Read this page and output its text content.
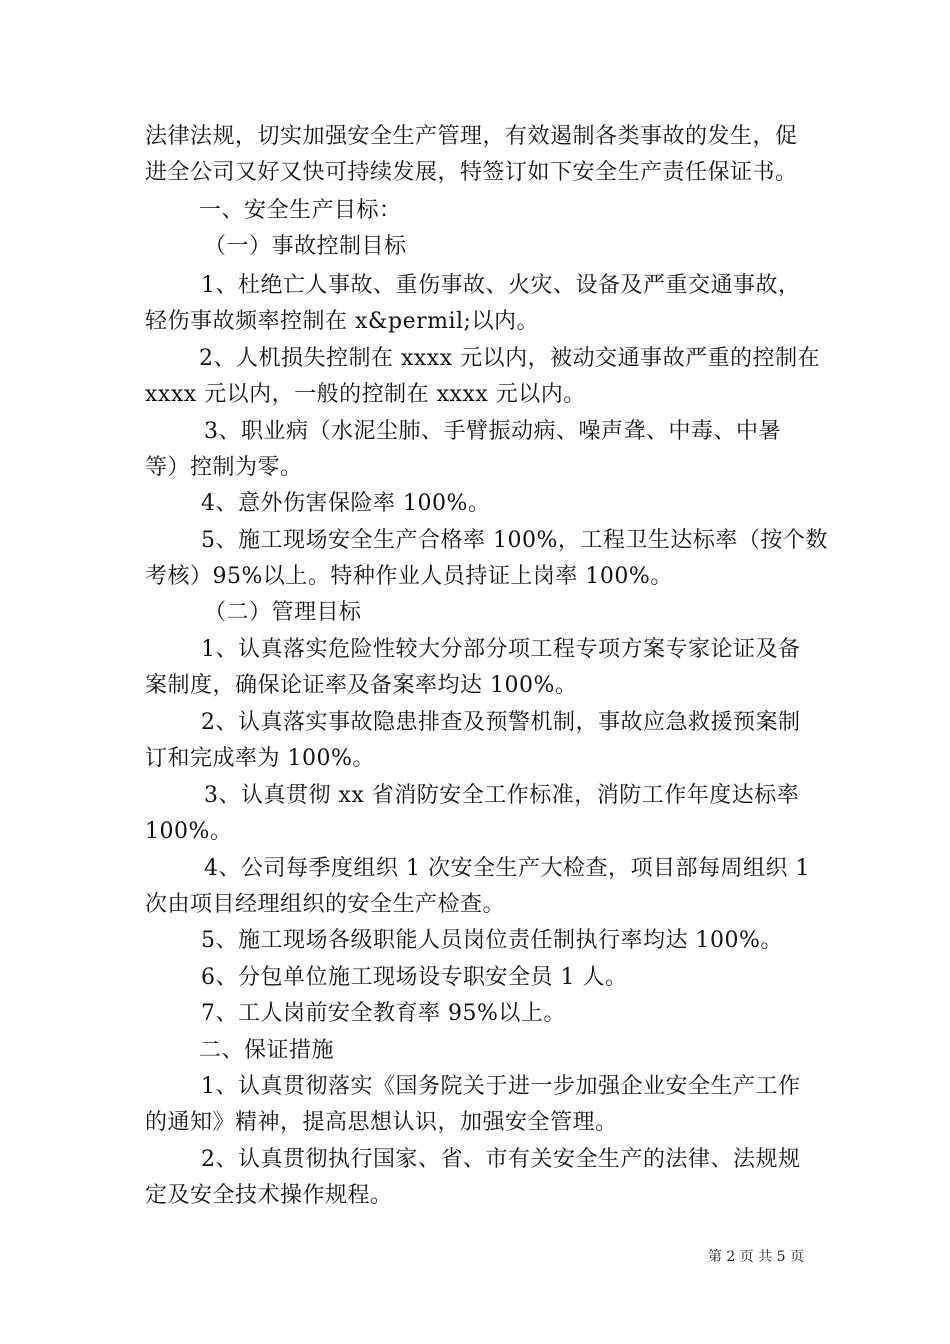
法律法规，切实加强安全生产管理，有效遏制各类事故的发生，促
进全公司又好又快可持续发展，特签订如下安全生产责任保证书。
一、安全生产目标：
（一）事故控制目标
1、杜绝亡人事故、重伤事故、火灾、设备及严重交通事故，
轻伤事故频率控制在 x&permil;以内。
2、人机损失控制在 xxxx 元以内，被动交通事故严重的控制在
xxxx 元以内，一般的控制在 xxxx 元以内。
3、职业病（水泥尘肺、手臂振动病、噪声聋、中毒、中暑
等）控制为零。
4、意外伤害保险率 100%。
5、施工现场安全生产合格率 100%，工程卫生达标率（按个数
考核）95%以上。特种作业人员持证上岗率 100%。
（二）管理目标
1、认真落实危险性较大分部分项工程专项方案专家论证及备
案制度，确保论证率及备案率均达 100%。
2、认真落实事故隐患排查及预警机制，事故应急救援预案制
订和完成率为 100%。
3、认真贯彻 xx 省消防安全工作标准，消防工作年度达标率
100%。
4、公司每季度组织 1 次安全生产大检查，项目部每周组织 1
次由项目经理组织的安全生产检查。
5、施工现场各级职能人员岗位责任制执行率均达 100%。
6、分包单位施工现场设专职安全员 1 人。
7、工人岗前安全教育率 95%以上。
二、保证措施
1、认真贯彻落实《国务院关于进一步加强企业安全生产工作
的通知》精神，提高思想认识，加强安全管理。
2、认真贯彻执行国家、省、市有关安全生产的法律、法规规
定及安全技术操作规程。
第 2 页 共 5 页
